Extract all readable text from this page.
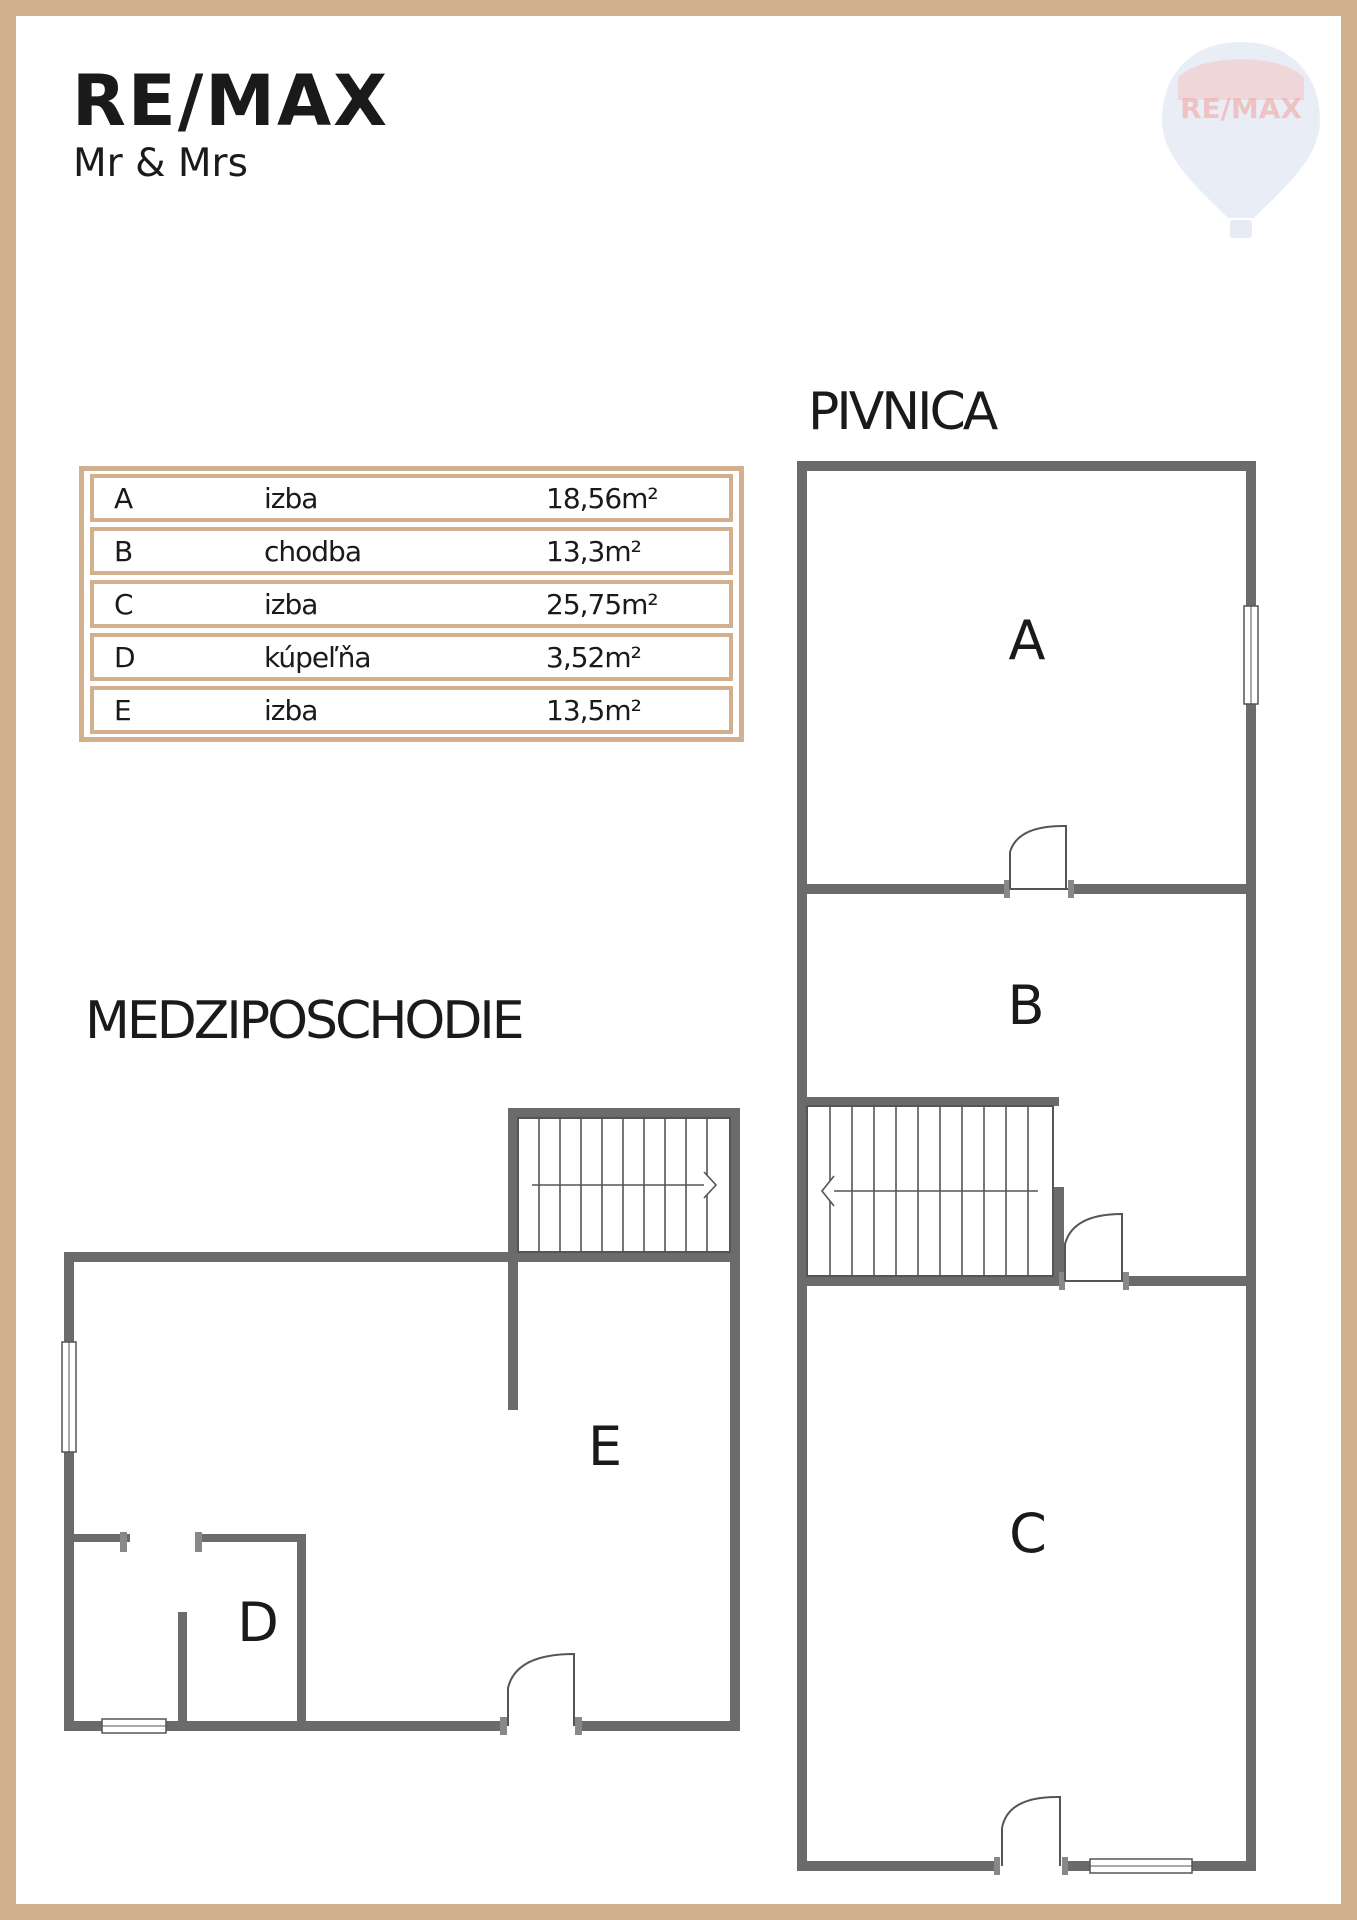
RE/MAX
Mr & Mrs
RE/MAX
PIVNICA
MEDZIPOSCHODIE
A	izba	18,56m²
B	chodba	13,3m²
C	izba	25,75m²
D	kúpeľňa	3,52m²
E	izba	13,5m²
A
B
C
D
E
